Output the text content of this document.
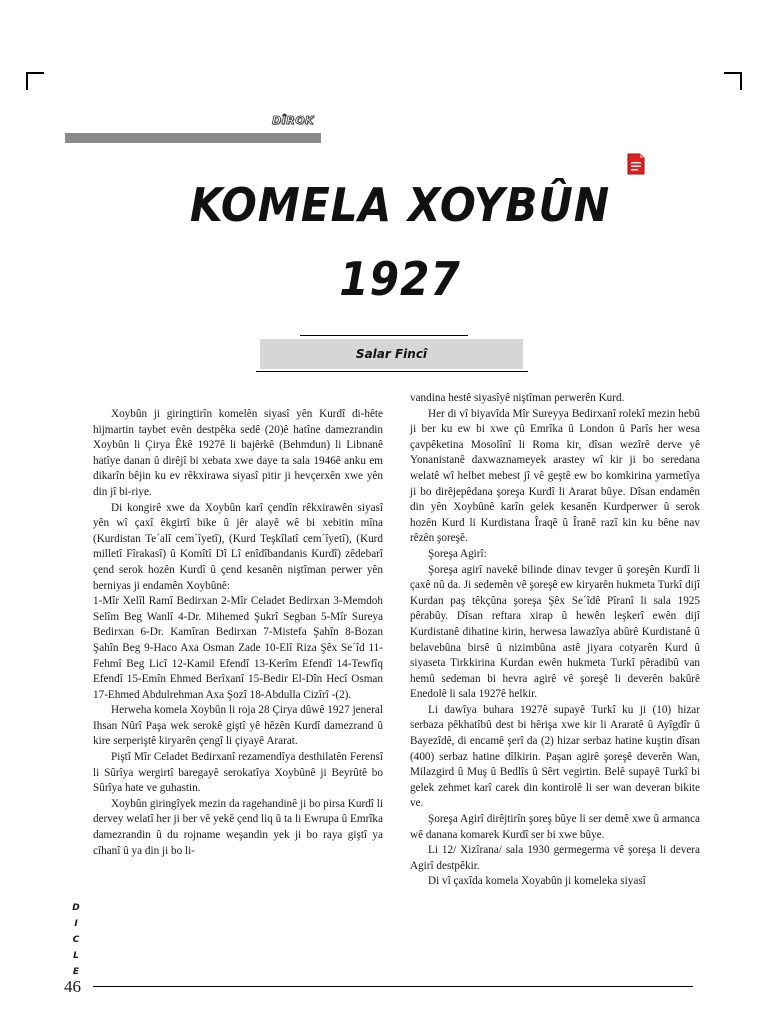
DÎROK
KOMELA XOYBÛN
1927
Salar Fincî

Xoybûn ji giringtirîn komelên siyasî yên Kurdî di-hête hijmartin taybet evên destpêka sedê (20)ê hatîne damezrandin Xoybûn li Çirya Êkê 1927ê li bajêrkê (Behmdun) li Libnanê hatîye danan û dirêjî bi xebata xwe daye ta sala 1946ê anku em dikarîn bêjin ku ev rêkxirawa siyasî pitir ji hevçerxên xwe yên din jî bi-riye.

Di kongirê xwe da Xoybûn karî çendîn rêkxirawên siyasî yên wî çaxî êkgirtî bike û jêr alayê wê bi xebitin mîna (Kurdistan Te´alî cem´îyetî), (Kurd Teşkîlatî cem´îyetî), (Kurd milletî Fîrakasî) û Komîtî Dî Lî enîdîbandanis Kurdî) zêdebarî çend serok hozên Kurdî û çend kesanên niştîman perwer yên berniyas ji endamên Xoybûnê:

1-Mîr Xelîl Ramî Bedirxan 2-Mîr Celadet Bedirxan 3-Memdoh Selîm Beg Wanlî 4-Dr. Mihemed Şukrî Segban 5-Mîr Sureya Bedirxan 6-Dr. Kamîran Bedirxan 7-Mistefa Şahîn 8-Bozan Şahîn Beg 9-Haco Axa Osman Zade 10-Elî Riza Şêx Se´îd 11-Fehmî Beg Licî 12-Kamil Efendî 13-Kerîm Efendî 14-Tewfîq Efendî 15-Emîn Ehmed Berîxanî 15-Bedir El-Dîn Hecî Osman 17-Ehmed Abdulrehman Axa Şozî 18-Abdulla Cizîrî -(2).

Herweha komela Xoybûn li roja 28 Çirya dûwê 1927 jeneral Ihsan Nûrî Paşa wek serokê giştî yê hêzên Kurdî damezrand û kire serperiştê kiryarên çengî li çiyayê Ararat.

Piştî Mîr Celadet Bedirxanî rezamendîya desthilatên Ferensî li Sûrîya wergirtî baregayê serokatîya Xoybûnê ji Beyrûtê bo Sûrîya hate ve guhastin.

Xoybûn giringîyek mezin da ragehandinê ji bo pirsa Kurdî li dervey welatî her ji ber vê yekê çend liq û ta li Ewrupa û Emrîka damezrandin û du rojname weşandin yek ji bo raya giştî ya cîhanî û ya din ji bo li-

vandina hestê siyasîyê niştîman perwerên Kurd.

Her di vî biyavîda Mîr Sureyya Bedirxanî rolekî mezin hebû ji ber ku ew bi xwe çû Emrîka û London û Parîs her wesa çavpêketina Mosolînî li Roma kir, dîsan wezîrê derve yê Yonanistanê daxwaznameyek arastey wî kir ji bo seredana welatê wî helbet mebest jî vê geştê ew bo komkirina yarmetîya ji bo dirêjepêdana şoreşa Kurdî li Ararat bûye. Dîsan endamên din yên Xoybûnê karîn gelek kesanên Kurdperwer û serok hozên Kurd li Kurdistana Îraqê û Îranê razî kin ku bêne nav rêzên şoreşê.

Şoreşa Agirî:

Şoreşa agirî navekê bilinde dinav tevger û şoreşên Kurdî li çaxê nû da. Ji sedemên vê şoreşê ew kiryarên hukmeta Turkî dijî Kurdan paş têkçûna şoreşa Şêx Se´îdê Pîranî li sala 1925 pêrabûy. Dîsan reftara xirap û hewên leşkerî ewên dijî Kurdistanê dihatine kirin, herwesa lawazîya abûrê Kurdistanê û belavebûna birsê û nizimbûna astê jiyara cotyarên Kurd û siyaseta Tirkkirina Kurdan ewên hukmeta Turkî pêradibû van hemû sedeman bi hevra agirê vê şoreşê li deverên bakûrê Enedolê li sala 1927ê helkir.

Li dawîya buhara 1927ê supayê Turkî ku ji (10) hizar serbaza pêkhatîbû dest bi hêrişa xwe kir li Araratê û Ayîgdîr û Bayezîdê, di encamê şerî da (2) hizar serbaz hatine kuştin dîsan (400) serbaz hatine dîlkirin. Paşan agirê şoreşê deverên Wan, Milazgird û Muş û Bedlîs û Sêrt vegirtin. Belê supayê Turkî bi gelek zehmet karî carek din kontirolê li ser wan deveran bikite ve.

Şoreşa Agirî dirêjtirîn şoreş bûye li ser demê xwe û armanca wê danana komarek Kurdî ser bi xwe bûye.

Li 12/ Xizîrana/ sala 1930 germegerma vê şoreşa li devera Agirî destpêkir.

Di vî çaxîda komela Xoyabûn ji komeleka siyasî

D
I
C
L
E
46
